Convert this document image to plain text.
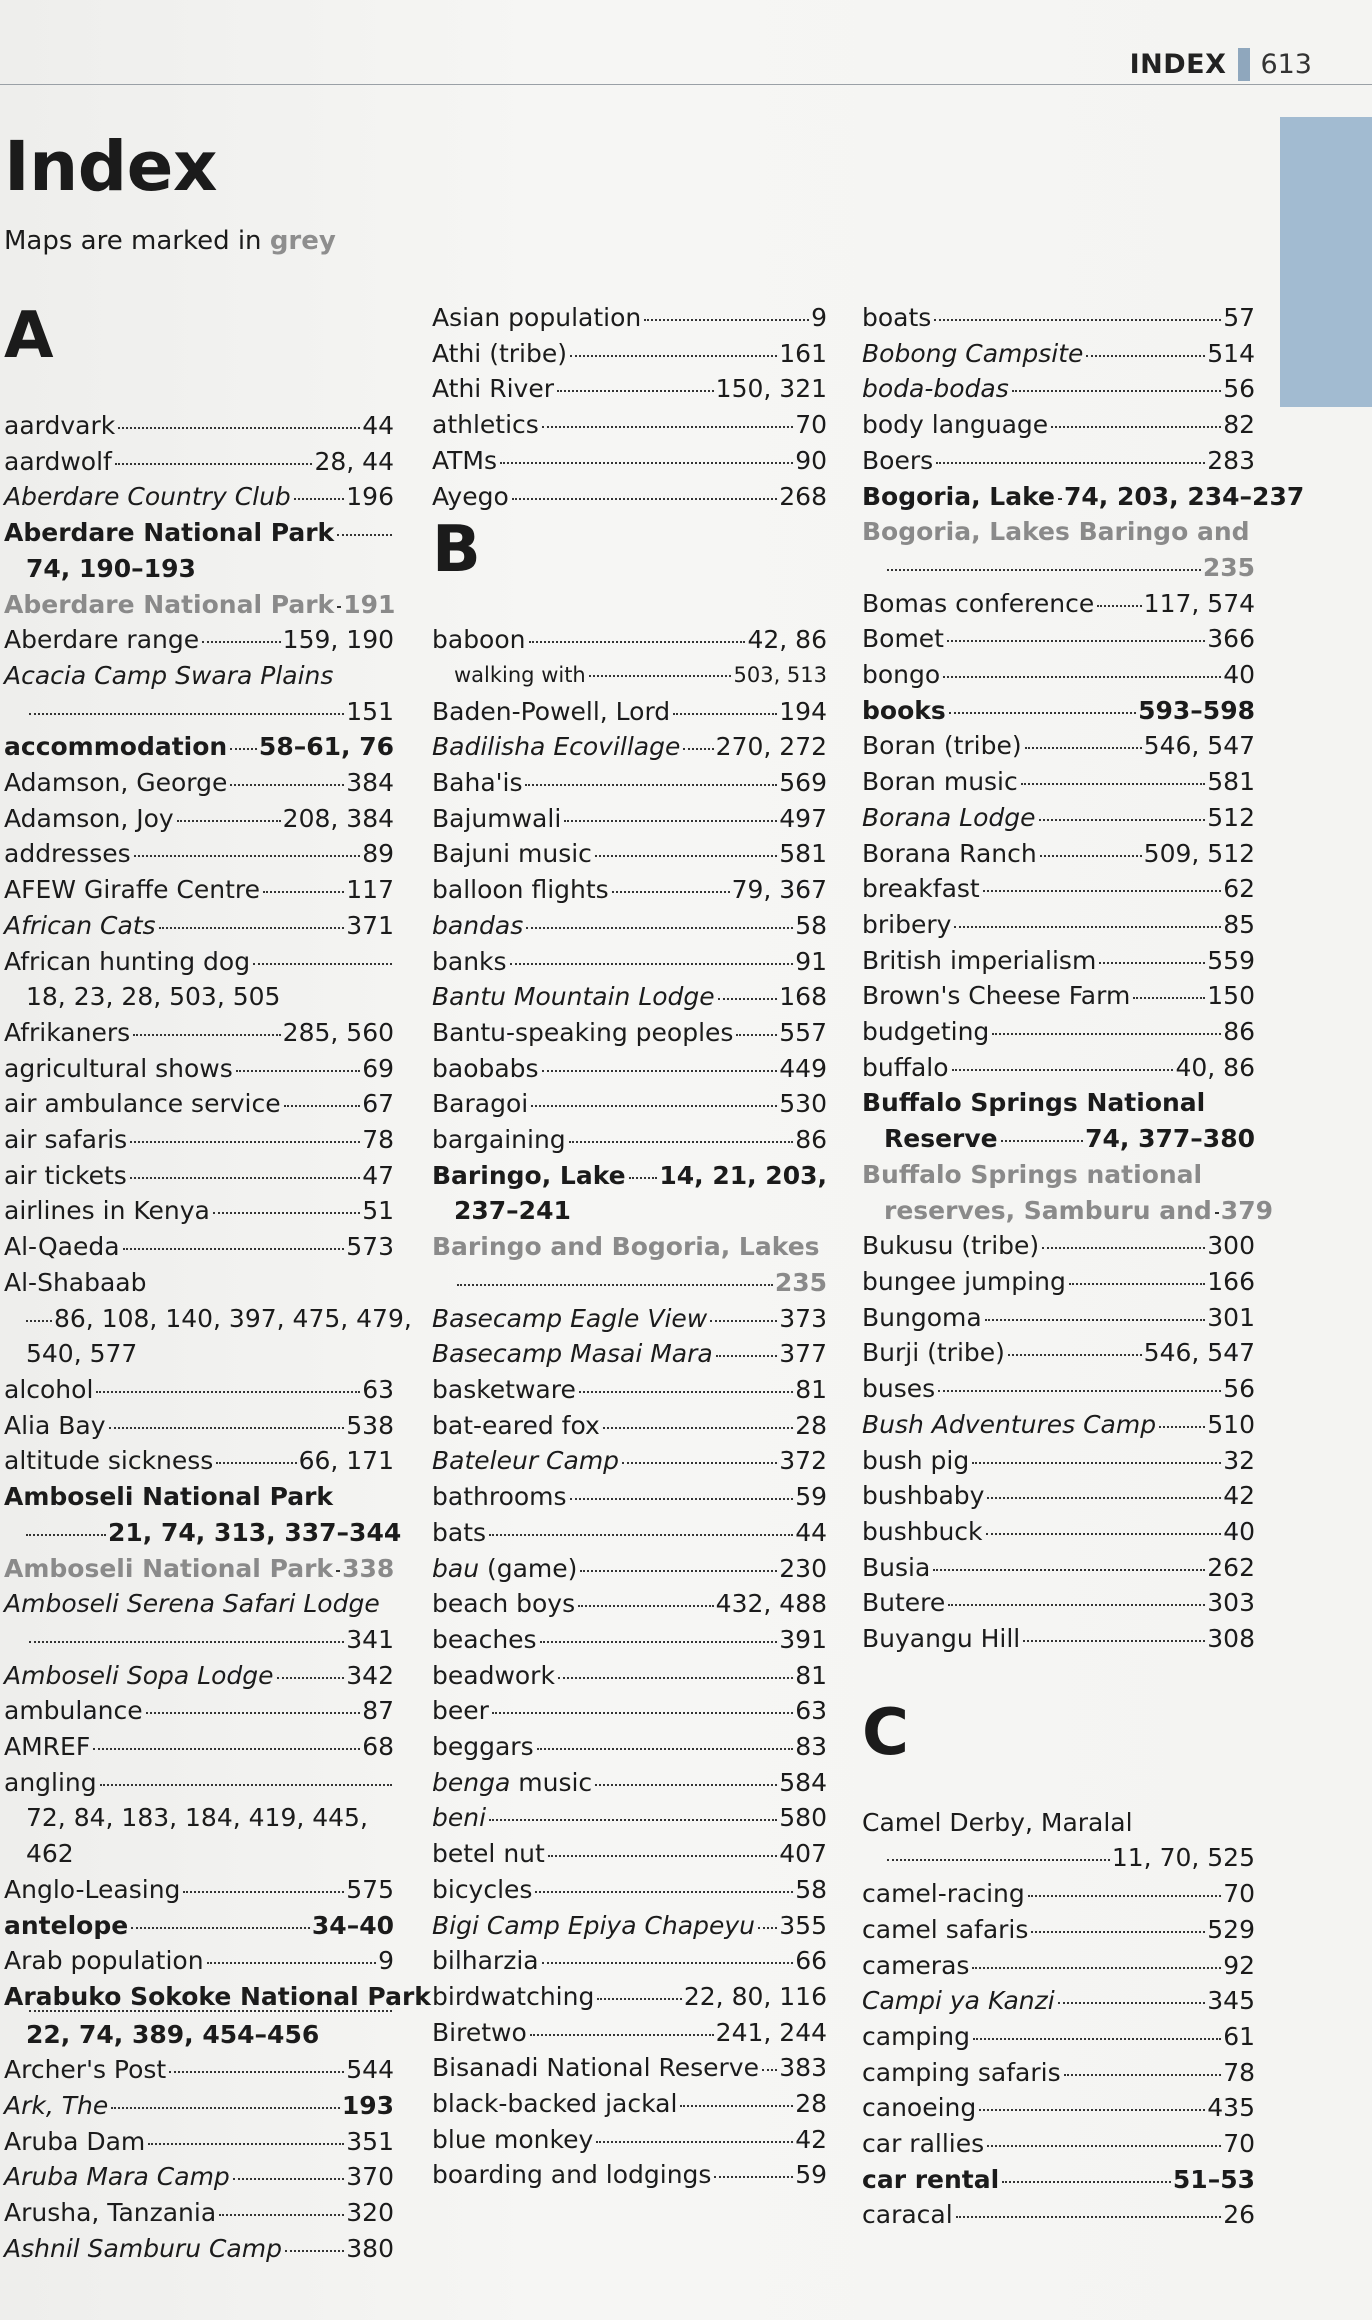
INDEX 613
Index
Maps are marked in grey
A
aardvark	44
aardwolf	28, 44
Aberdare Country Club 196
Aberdare National Park
74, 190–193
Aberdare National Park 191
Aberdare range	159, 190
Acacia Camp Swara Plains
151
accommodation 58–61, 76
Adamson, George	384
Adamson, Joy	208, 384
addresses	89
AFEW Giraffe Centre	117
African Cats	371
African hunting dog
18, 23, 28, 503, 505
Afrikaners	285, 560
agricultural shows	69
air ambulance service	67
air safaris	78
air tickets	47
airlines in Kenya	51
Al-Qaeda	573
Al-Shabaab
86, 108, 140, 397, 475, 479,
540, 577
alcohol	63
Alia Bay	538
altitude sickness	66, 171
Amboseli National Park
21, 74, 313, 337–344
Amboseli National Park 338
Amboseli Serena Safari Lodge
341
Amboseli Sopa Lodge	342
ambulance	87
AMREF	68
angling
72, 84, 183, 184, 419, 445, 462
Anglo-Leasing	575
antelope	34–40
Arab population	9
Arabuko Sokoke National Park
22, 74, 389, 454–456
Archer's Post	544
Ark, The	193
Aruba Dam	351
Aruba Mara Camp	370
Arusha, Tanzania	320
Ashnil Samburu Camp	380
Asian population	9
Athi (tribe)	161
Athi River	150, 321
athletics	70
ATMs	90
Ayego	268
B
baboon	42, 86
walking with	503, 513
Baden-Powell, Lord	194
Badilisha Ecovillage 270, 272
Baha'is	569
Bajumwali	497
Bajuni music	581
balloon flights	79, 367
bandas	58
banks	91
Bantu Mountain Lodge	168
Bantu-speaking peoples 557
baobabs	449
Baragoi	530
bargaining	86
Baringo, Lake 14, 21, 203,
237–241
Baringo and Bogoria, Lakes
235
Basecamp Eagle View	373
Basecamp Masai Mara	377
basketware	81
bat-eared fox	28
Bateleur Camp	372
bathrooms	59
bats	44
bau (game)	230
beach boys	432, 488
beaches	391
beadwork	81
beer	63
beggars	83
benga music	584
beni	580
betel nut	407
bicycles	58
Bigi Camp Epiya Chapeyu 355
bilharzia	66
birdwatching	22, 80, 116
Biretwo	241, 244
Bisanadi National Reserve 383
black-backed jackal	28
blue monkey	42
boarding and lodgings	59
boats	57
Bobong Campsite	514
boda-bodas	56
body language	82
Boers	283
Bogoria, Lake 74, 203, 234–237
Bogoria, Lakes Baringo and
235
Bomas conference 117, 574
Bomet	366
bongo	40
books	593–598
Boran (tribe)	546, 547
Boran music	581
Borana Lodge	512
Borana Ranch	509, 512
breakfast	62
bribery	85
British imperialism	559
Brown's Cheese Farm	150
budgeting	86
buffalo	40, 86
Buffalo Springs National
Reserve	74, 377–380
Buffalo Springs national
reserves, Samburu and 379
Bukusu (tribe)	300
bungee jumping	166
Bungoma	301
Burji (tribe)	546, 547
buses	56
Bush Adventures Camp 510
bush pig	32
bushbaby	42
bushbuck	40
Busia	262
Butere	303
Buyangu Hill	308
C
Camel Derby, Maralal
11, 70, 525
camel-racing	70
camel safaris	529
cameras	92
Campi ya Kanzi	345
camping	61
camping safaris	78
canoeing	435
car rallies	70
car rental	51–53
caracal	26
